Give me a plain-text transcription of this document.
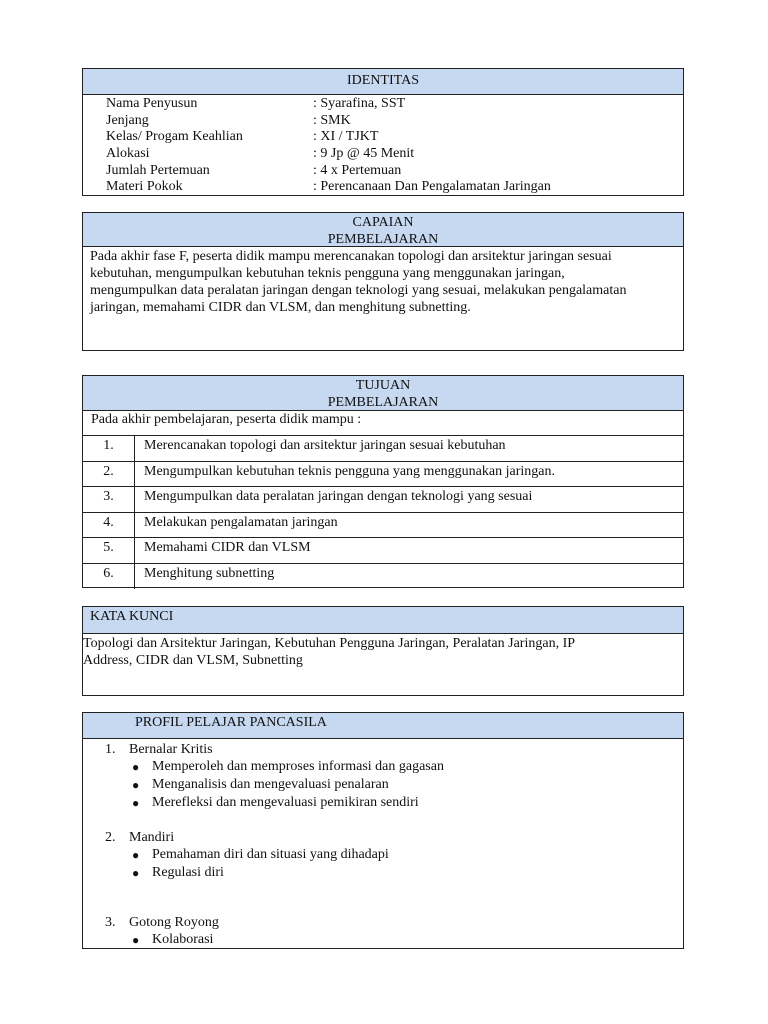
IDENTITAS
Nama Penyusun	: Syarafina, SST
Jenjang	: SMK
Kelas/ Progam Keahlian	: XI / TJKT
Alokasi	: 9 Jp @ 45 Menit
Jumlah Pertemuan	: 4 x Pertemuan
Materi Pokok	: Perencanaan Dan Pengalamatan Jaringan
CAPAIAN
PEMBELAJARAN
Pada akhir fase F, peserta didik mampu merencanakan topologi dan arsitektur jaringan sesuai
kebutuhan, mengumpulkan kebutuhan teknis pengguna yang menggunakan jaringan,
mengumpulkan data peralatan jaringan dengan teknologi yang sesuai, melakukan pengalamatan
jaringan, memahami CIDR dan VLSM, dan menghitung subnetting.
TUJUAN
PEMBELAJARAN
Pada akhir pembelajaran, peserta didik mampu :
1.	Merencanakan topologi dan arsitektur jaringan sesuai kebutuhan
2.	Mengumpulkan kebutuhan teknis pengguna yang menggunakan jaringan.
3.	Mengumpulkan data peralatan jaringan dengan teknologi yang sesuai
4.	Melakukan pengalamatan jaringan
5.	Memahami CIDR dan VLSM
6.	Menghitung subnetting
KATA KUNCI
Topologi dan Arsitektur Jaringan, Kebutuhan Pengguna Jaringan, Peralatan Jaringan, IP
Address, CIDR dan VLSM, Subnetting
PROFIL PELAJAR PANCASILA
1. Bernalar Kritis
● Memperoleh dan memproses informasi dan gagasan
● Menganalisis dan mengevaluasi penalaran
● Merefleksi dan mengevaluasi pemikiran sendiri
2. Mandiri
● Pemahaman diri dan situasi yang dihadapi
● Regulasi diri
3. Gotong Royong
● Kolaborasi
